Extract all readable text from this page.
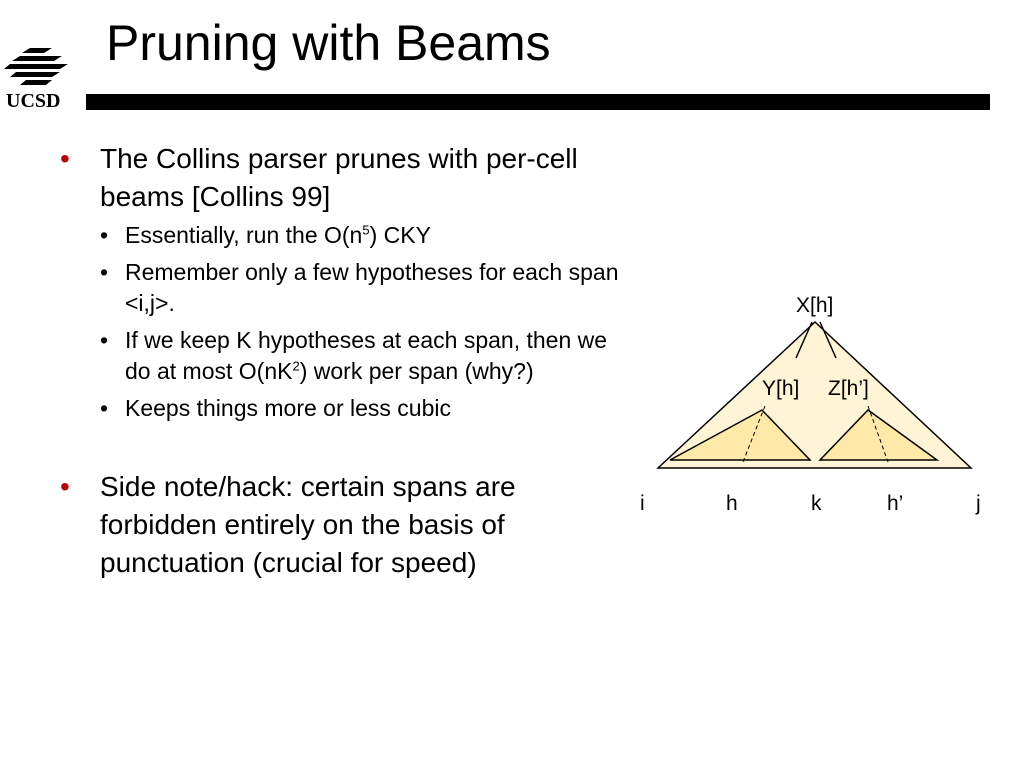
UCSD
Pruning with Beams
• The Collins parser prunes with per-cell beams [Collins 99]
• Essentially, run the $O(n^5)$ CKY
• Remember only a few hypotheses for each span <i,j>.
• If we keep K hypotheses at each span, then we do at most $O(nK^2)$ work per span (why?)
• Keeps things more or less cubic
• Side note/hack: certain spans are forbidden entirely on the basis of punctuation (crucial for speed)
X[h]
Y[h] Z[h’]
i	h	k	h’	j
